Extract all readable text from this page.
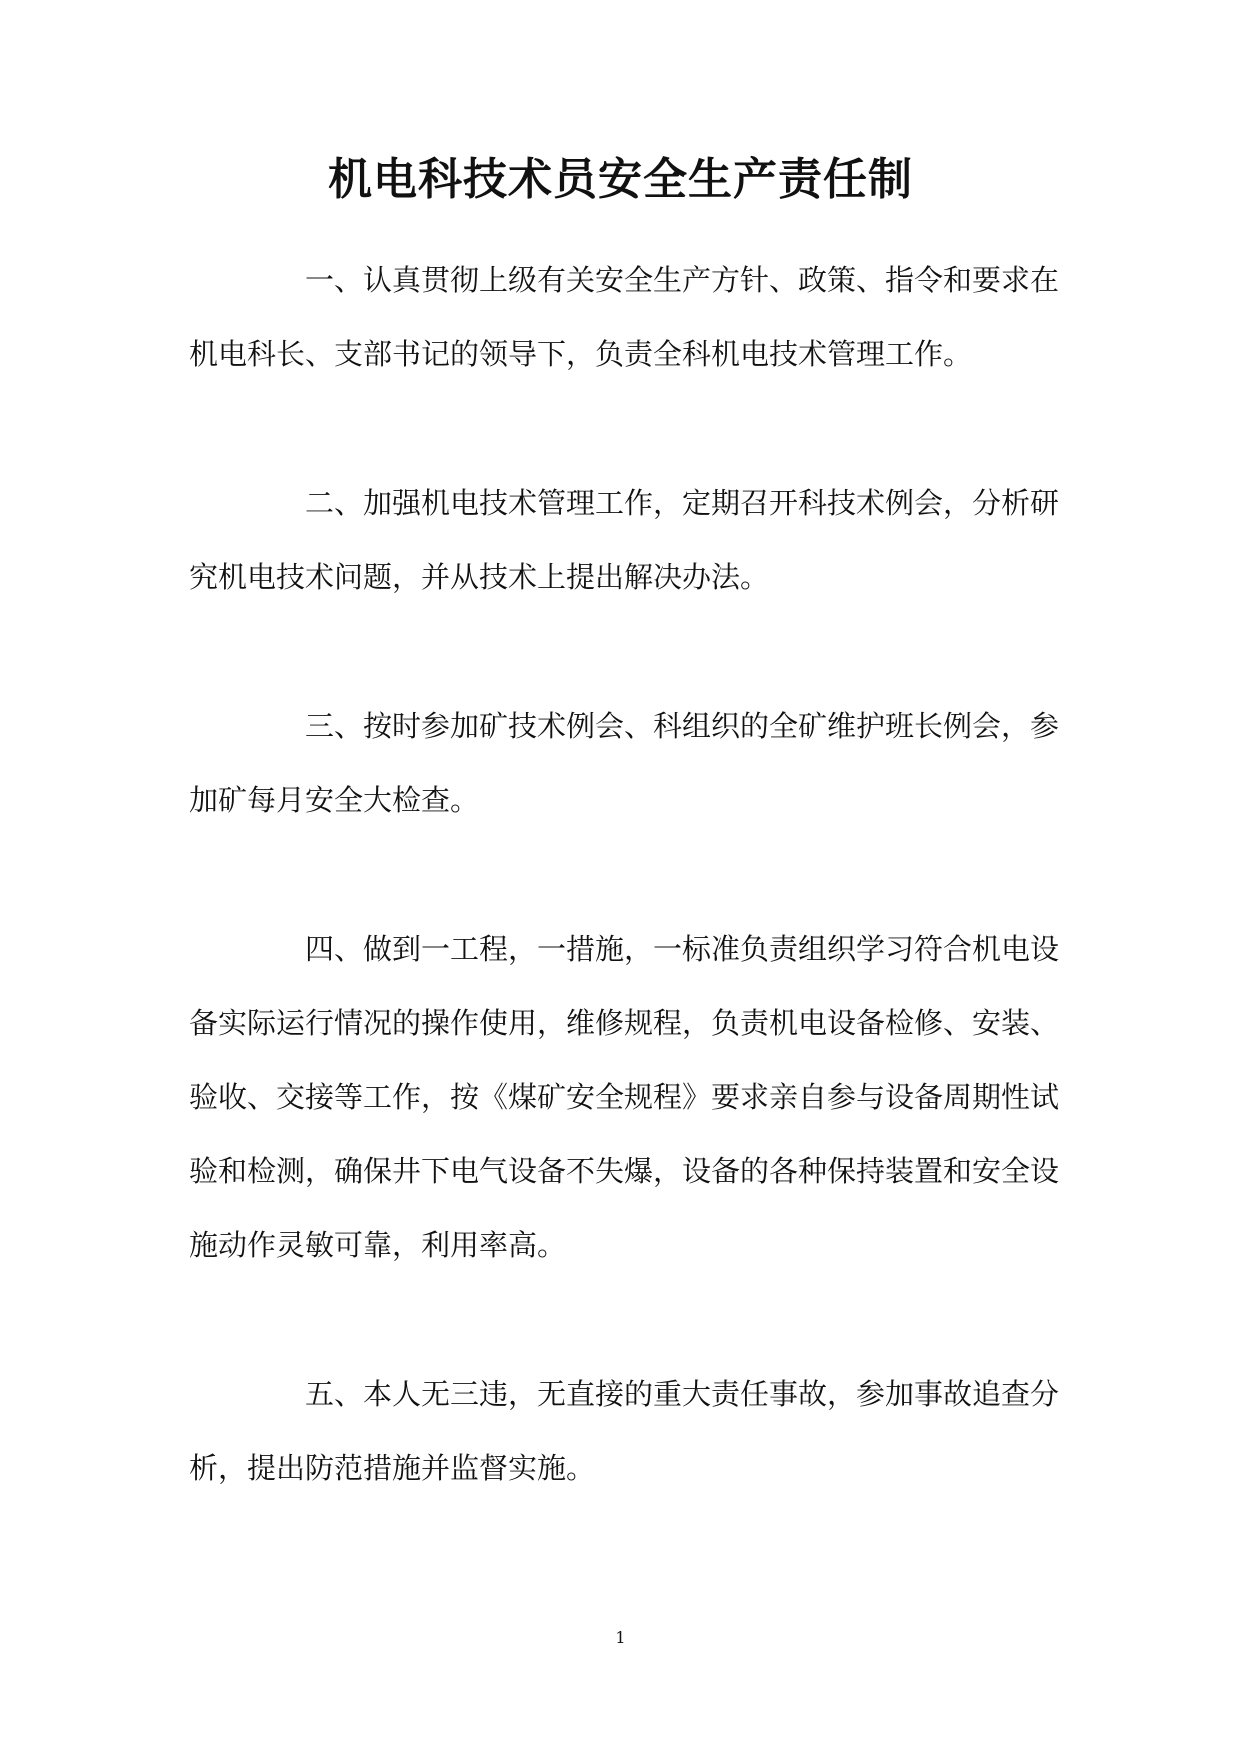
机电科技术员安全生产责任制

一、认真贯彻上级有关安全生产方针、政策、指令和要求在机电科长、支部书记的领导下，负责全科机电技术管理工作。

二、加强机电技术管理工作，定期召开科技术例会，分析研究机电技术问题，并从技术上提出解决办法。

三、按时参加矿技术例会、科组织的全矿维护班长例会，参加矿每月安全大检查。

四、做到一工程，一措施，一标准负责组织学习符合机电设备实际运行情况的操作使用，维修规程，负责机电设备检修、安装、验收、交接等工作，按《煤矿安全规程》要求亲自参与设备周期性试验和检测，确保井下电气设备不失爆，设备的各种保持装置和安全设施动作灵敏可靠，利用率高。

五、本人无三违，无直接的重大责任事故，参加事故追查分析，提出防范措施并监督实施。

1
